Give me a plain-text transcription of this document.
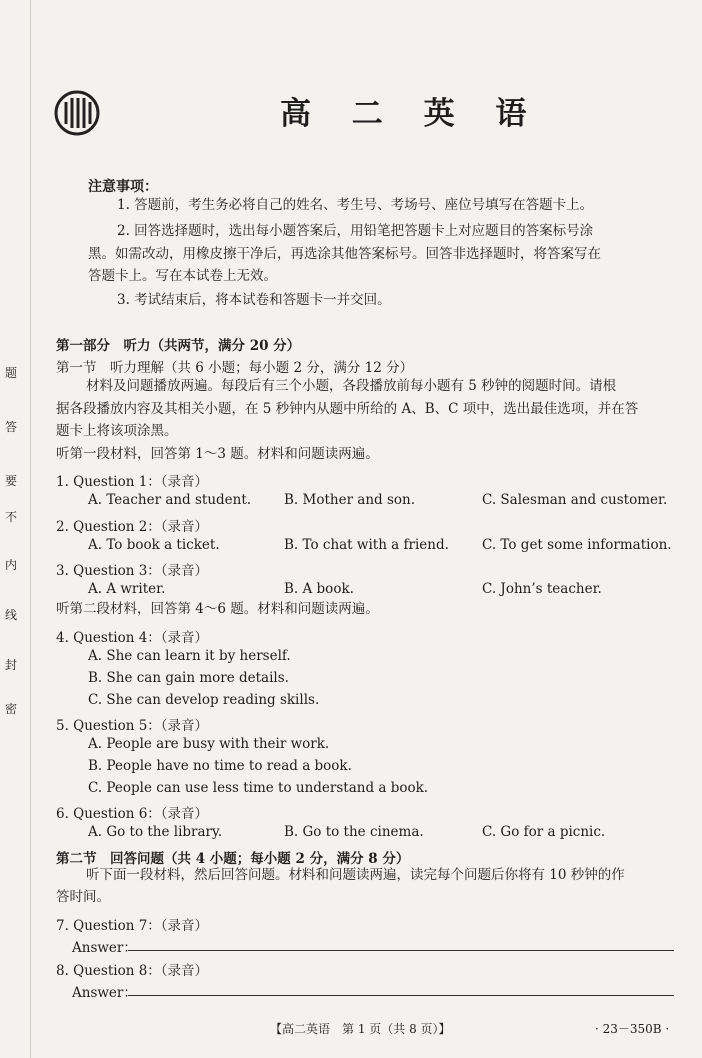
题
答
要
不
内
线
封
密
高 二 英 语
注意事项：
1. 答题前，考生务必将自己的姓名、考生号、考场号、座位号填写在答题卡上。
2. 回答选择题时，选出每小题答案后，用铅笔把答题卡上对应题目的答案标号涂
黑。如需改动，用橡皮擦干净后，再选涂其他答案标号。回答非选择题时，将答案写在
答题卡上。写在本试卷上无效。
3. 考试结束后，将本试卷和答题卡一并交回。
第一部分　听力（共两节，满分 20 分）
第一节　听力理解（共 6 小题；每小题 2 分，满分 12 分）
材料及问题播放两遍。每段后有三个小题，各段播放前每小题有 5 秒钟的阅题时间。请根
据各段播放内容及其相关小题，在 5 秒钟内从题中所给的 A、B、C 项中，选出最佳选项，并在答
题卡上将该项涂黑。
听第一段材料，回答第 1～3 题。材料和问题读两遍。
1. Question 1：（录音）
A. Teacher and student. B. Mother and son.	C. Salesman and customer.
2. Question 2：（录音）
A. To book a ticket.	B. To chat with a friend. C. To get some information.
3. Question 3：（录音）
A. A writer.	B. A book.	C. John’s teacher.
听第二段材料，回答第 4～6 题。材料和问题读两遍。
4. Question 4：（录音）
A. She can learn it by herself.
B. She can gain more details.
C. She can develop reading skills.
5. Question 5：（录音）
A. People are busy with their work.
B. People have no time to read a book.
C. People can use less time to understand a book.
6. Question 6：（录音）
A. Go to the library.	B. Go to the cinema.	C. Go for a picnic.
第二节　回答问题（共 4 小题；每小题 2 分，满分 8 分）
听下面一段材料，然后回答问题。材料和问题读两遍，读完每个问题后你将有 10 秒钟的作
答时间。
7. Question 7：（录音）
Answer：
8. Question 8：（录音）
Answer：
【高二英语　第 1 页（共 8 页）】	· 23－350B ·
